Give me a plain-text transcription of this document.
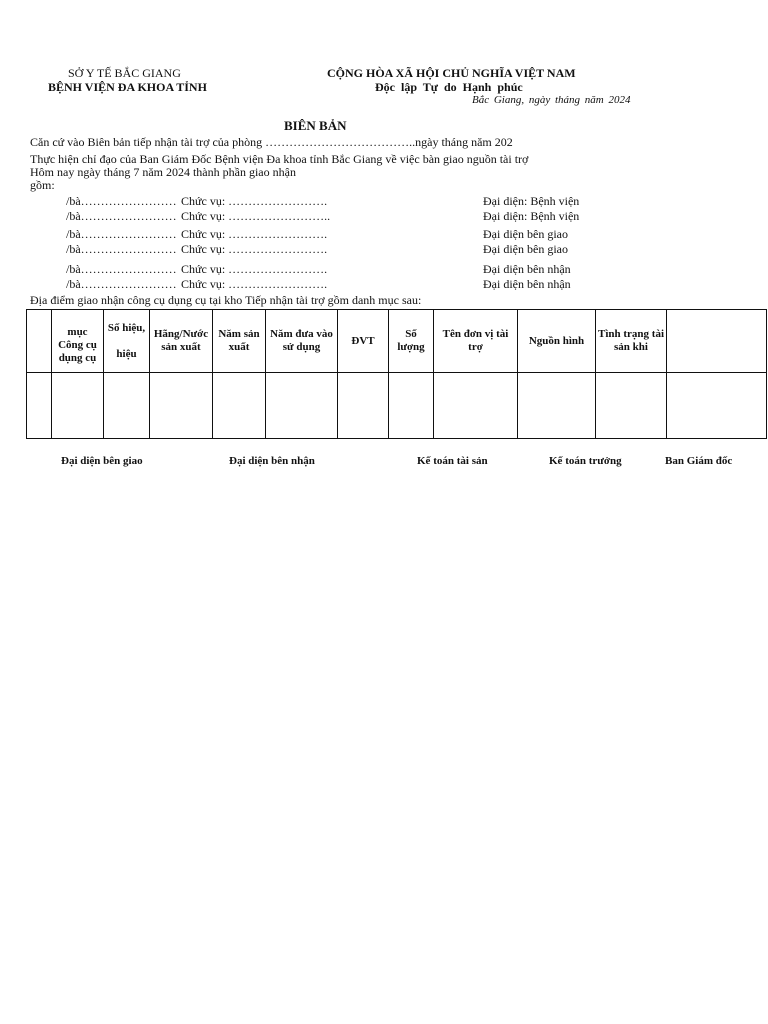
SỞ Y TẾ BẮC GIANG
BỆNH VIỆN ĐA KHOA TỈNH
CỘNG HÒA XÃ HỘI CHỦ NGHĨA VIỆT NAM
Độc lập Tự do Hạnh phúc
Bắc Giang, ngày tháng năm 2024
BIÊN BẢN
Căn cứ vào Biên bản tiếp nhận tài trợ của phòng ………………………………..ngày tháng năm 202
Thực hiện chỉ đạo của Ban Giám Đốc Bệnh viện Đa khoa tỉnh Bắc Giang về việc bàn giao nguồn tài trợ
Hôm nay ngày tháng 7 năm 2024 thành phần giao nhận
gồm:
/bà…………………… Chức vụ: …………………….	Đại diện: Bệnh viện
/bà…………………… Chức vụ: ……………………..	Đại diện: Bệnh viện
/bà…………………… Chức vụ: …………………….	Đại diện bên giao
/bà…………………… Chức vụ: …………………….	Đại diện bên giao
/bà…………………… Chức vụ: …………………….	Đại diện bên nhận
/bà…………………… Chức vụ: …………………….	Đại diện bên nhận
Địa điểm giao nhận công cụ dụng cụ tại kho Tiếp nhận tài trợ gồm danh mục sau:
	mục Công cụ dụng cụ	Số hiệu,

hiệu	Hãng/Nước sản xuất	Năm sản xuất	Năm đưa vào sử dụng	ĐVT	Số lượng	Tên đơn vị tài trợ	Nguồn hình	Tình trạng tài sản khi	

Đại diện bên giao	Đại diện bên nhận	Kế toán tài sản	Kế toán trưởng	Ban Giám đốc
